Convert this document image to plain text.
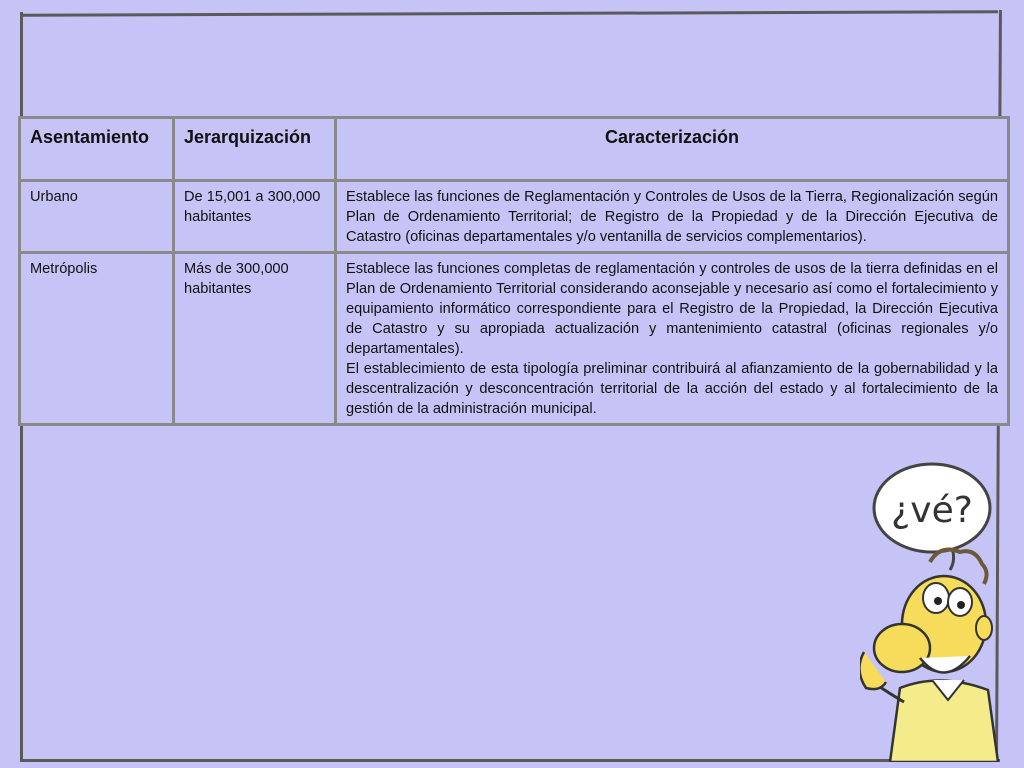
Asentamiento	Jerarquización	Caracterización
Urbano	De 15,001 a 300,000 habitantes	Establece las funciones de Reglamentación y Controles de Usos de la Tierra, Regionalización según Plan de Ordenamiento Territorial; de Registro de la Propiedad y de la Dirección Ejecutiva de Catastro (oficinas departamentales y/o ventanilla de servicios complementarios).
Metrópolis	Más de 300,000 habitantes	Establece las funciones completas de reglamentación y controles de usos de la tierra definidas en el Plan de Ordenamiento Territorial considerando aconsejable y necesario así como el fortalecimiento y equipamiento informático correspondiente para el Registro de la Propiedad, la Dirección Ejecutiva de Catastro y su apropiada actualización y mantenimiento catastral (oficinas regionales y/o departamentales).
El establecimiento de esta tipología preliminar contribuirá al afianzamiento de la gobernabilidad y la descentralización y desconcentración territorial de la acción del estado y al fortalecimiento de la gestión de la administración municipal.
¿vé?
